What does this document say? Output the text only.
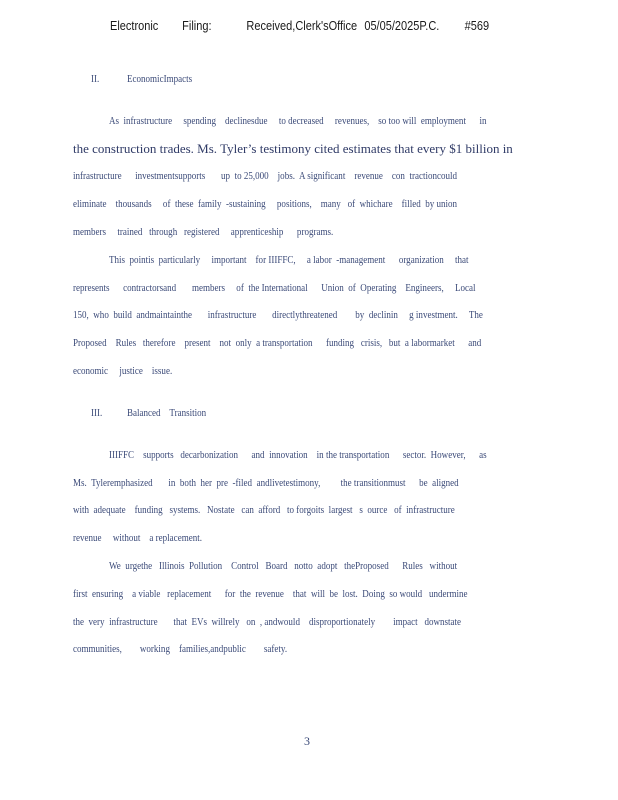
Electronic Filing:	Received,Clerk'sOffice 05/05/2025P.C. #569
II.	EconomicImpacts
As  infrastructure     spending    declinesdue     to decreased     revenues,    so too will  employment      in
the construction trades. Ms. Tyler’s testimony cited estimates that every $1 billion in
infrastructure      investmentsupports       up  to 25,000    jobs.  A significant    revenue    con  tractioncould
eliminate    thousands     of  these  family  -sustaining     positions,    many   of  whichare    filled  by union
members     trained   through   registered     apprenticeship      programs.
This  pointis  particularly     important    for IIIFFC,     a labor  -management      organization     that
represents      contractorsand       members     of  the International      Union  of  Operating    Engineers,     Local
150,  who  build  andmaintainthe       infrastructure       directlythreatened        by  declinin     g investment.     The
Proposed    Rules   therefore    present    not  only  a transportation      funding   crisis,   but  a labormarket      and
economic     justice    issue.
III. Balanced    Transition
IIIFFC    supports   decarbonization      and  innovation    in the transportation      sector.  However,      as
Ms.  Tyleremphasized       in  both  her  pre  -filed  andlivetestimony,         the transitionmust      be  aligned
with  adequate    funding   systems.   Nostate   can  afford   to forgoits  largest   s  ource   of  infrastructure
revenue     without    a replacement.
We  urgethe   Illinois  Pollution    Control   Board   notto  adopt   theProposed      Rules   without
first  ensuring    a viable   replacement      for  the  revenue    that  will  be  lost.  Doing  so would   undermine
the  very  infrastructure       that  EVs  willrely   on  , andwould    disproportionately        impact   downstate
communities,        working    families,andpublic        safety.
3
